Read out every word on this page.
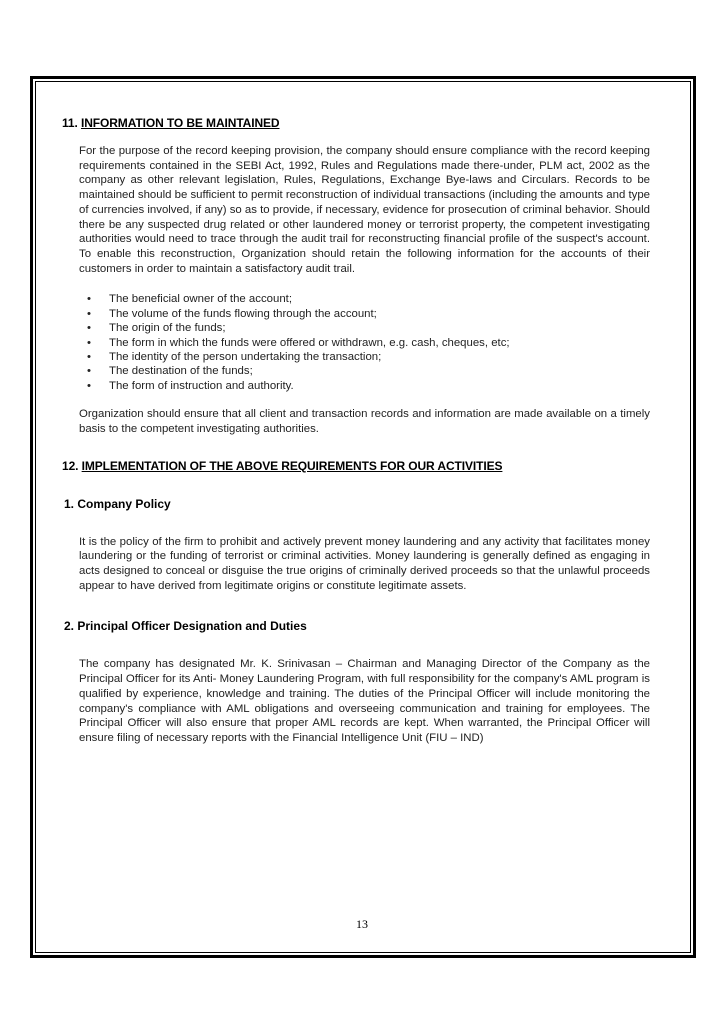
11. INFORMATION TO BE MAINTAINED

For the purpose of the record keeping provision, the company should ensure compliance with the record keeping requirements contained in the SEBI Act, 1992, Rules and Regulations made there-under, PLM act, 2002 as the company as other relevant legislation, Rules, Regulations, Exchange Bye-laws and Circulars. Records to be maintained should be sufficient to permit reconstruction of individual transactions (including the amounts and type of currencies involved, if any) so as to provide, if necessary, evidence for prosecution of criminal behavior. Should there be any suspected drug related or other laundered money or terrorist property, the competent investigating authorities would need to trace through the audit trail for reconstructing financial profile of the suspect's account. To enable this reconstruction, Organization should retain the following information for the accounts of their customers in order to maintain a satisfactory audit trail.

• The beneficial owner of the account;
• The volume of the funds flowing through the account;
• The origin of the funds;
• The form in which the funds were offered or withdrawn, e.g. cash, cheques, etc;
• The identity of the person undertaking the transaction;
• The destination of the funds;
• The form of instruction and authority.

Organization should ensure that all client and transaction records and information are made available on a timely basis to the competent investigating authorities.

12. IMPLEMENTATION OF THE ABOVE REQUIREMENTS FOR OUR ACTIVITIES
1. Company Policy

It is the policy of the firm to prohibit and actively prevent money laundering and any activity that facilitates money laundering or the funding of terrorist or criminal activities. Money laundering is generally defined as engaging in acts designed to conceal or disguise the true origins of criminally derived proceeds so that the unlawful proceeds appear to have derived from legitimate origins or constitute legitimate assets.

2. Principal Officer Designation and Duties

The company has designated Mr. K. Srinivasan – Chairman and Managing Director of the Company as the Principal Officer for its Anti- Money Laundering Program, with full responsibility for the company's AML program is qualified by experience, knowledge and training. The duties of the Principal Officer will include monitoring the company's compliance with AML obligations and overseeing communication and training for employees. The Principal Officer will also ensure that proper AML records are kept. When warranted, the Principal Officer will ensure filing of necessary reports with the Financial Intelligence Unit (FIU – IND)

13
